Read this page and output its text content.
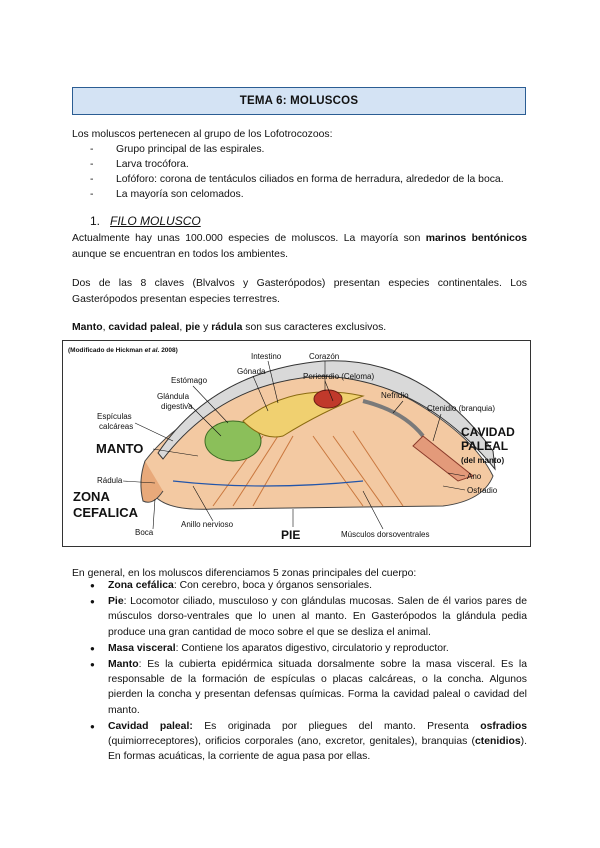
TEMA 6: MOLUSCOS
Los moluscos pertenecen al grupo de los Lofotrocozoos:
- Grupo principal de las espirales.
- Larva trocófora.
- Lofóforo: corona de tentáculos ciliados en forma de herradura, alrededor de la boca.
- La mayoría son celomados.
1. FILO MOLUSCO
Actualmente hay unas 100.000 especies de moluscos. La mayoría son marinos bentónicos aunque se encuentran en todos los ambientes.
Dos de las 8 claves (Blvalvos y Gasterópodos) presentan especies continentales. Los Gasterópodos presentan especies terrestres.
Manto, cavidad paleal, pie y rádula son sus caracteres exclusivos.
(Modificado de Hickman et al. 2008)
Intestino	Corazón
Gónada
Pericardio (Celoma)
Estómago
Glándula
digestiva
Nefridio
Ctenidio (branquia)
Espículas
calcáreas
MANTO
CAVIDAD
PALEAL
(del manto)
Ano
Rádula
Osfradio
ZONA
CEFALICA
Boca
Anillo nervioso
PIE	Músculos dorsoventrales
En general, en los moluscos diferenciamos 5 zonas principales del cuerpo:
● Zona cefálica: Con cerebro, boca y órganos sensoriales.
● Pie: Locomotor ciliado, musculoso y con glándulas mucosas. Salen de él varios pares de músculos dorso-ventrales que lo unen al manto. En Gasterópodos la glándula pedia produce una gran cantidad de moco sobre el que se desliza el animal.
● Masa visceral: Contiene los aparatos digestivo, circulatorio y reproductor.
● Manto: Es la cubierta epidérmica situada dorsalmente sobre la masa visceral. Es la responsable de la formación de espículas o placas calcáreas, o la concha. Algunos pierden la concha y presentan defensas químicas. Forma la cavidad paleal o cavidad del manto.
● Cavidad paleal: Es originada por pliegues del manto. Presenta osfradios (quimiorreceptores), orificios corporales (ano, excretor, genitales), branquias (ctenidios). En formas acuáticas, la corriente de agua pasa por ellas.
